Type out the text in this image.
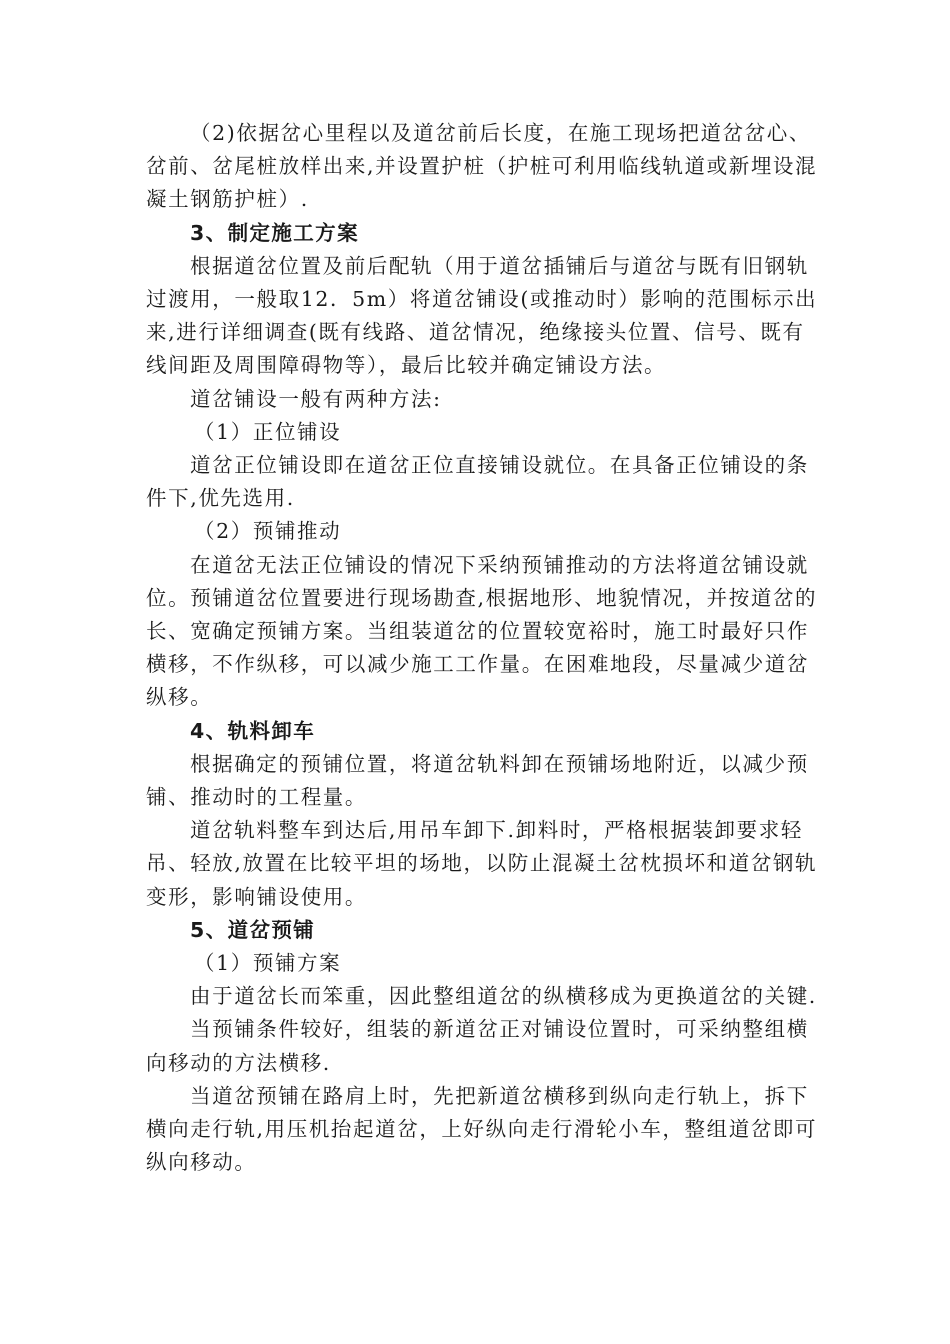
（2)依据岔心里程以及道岔前后长度，在施工现场把道岔岔心、岔前、岔尾桩放样出来,并设置护桩（护桩可利用临线轨道或新埋设混凝土钢筋护桩）.

3、制定施工方案

根据道岔位置及前后配轨（用于道岔插铺后与道岔与既有旧钢轨过渡用，一般取12．5m）将道岔铺设(或推动时）影响的范围标示出来,进行详细调查(既有线路、道岔情况，绝缘接头位置、信号、既有线间距及周围障碍物等），最后比较并确定铺设方法。

道岔铺设一般有两种方法:

（1）正位铺设

道岔正位铺设即在道岔正位直接铺设就位。在具备正位铺设的条件下,优先选用.

（2）预铺推动

在道岔无法正位铺设的情况下采纳预铺推动的方法将道岔铺设就位。预铺道岔位置要进行现场勘查,根据地形、地貌情况，并按道岔的长、宽确定预铺方案。当组装道岔的位置较宽裕时，施工时最好只作横移，不作纵移，可以减少施工工作量。在困难地段，尽量减少道岔纵移。

4、轨料卸车

根据确定的预铺位置，将道岔轨料卸在预铺场地附近，以减少预铺、推动时的工程量。

道岔轨料整车到达后,用吊车卸下.卸料时，严格根据装卸要求轻吊、轻放,放置在比较平坦的场地，以防止混凝土岔枕损坏和道岔钢轨变形，影响铺设使用。

5、道岔预铺

（1）预铺方案

由于道岔长而笨重，因此整组道岔的纵横移成为更换道岔的关键.

当预铺条件较好，组装的新道岔正对铺设位置时，可采纳整组横向移动的方法横移.

当道岔预铺在路肩上时，先把新道岔横移到纵向走行轨上，拆下横向走行轨,用压机抬起道岔，上好纵向走行滑轮小车，整组道岔即可纵向移动。
